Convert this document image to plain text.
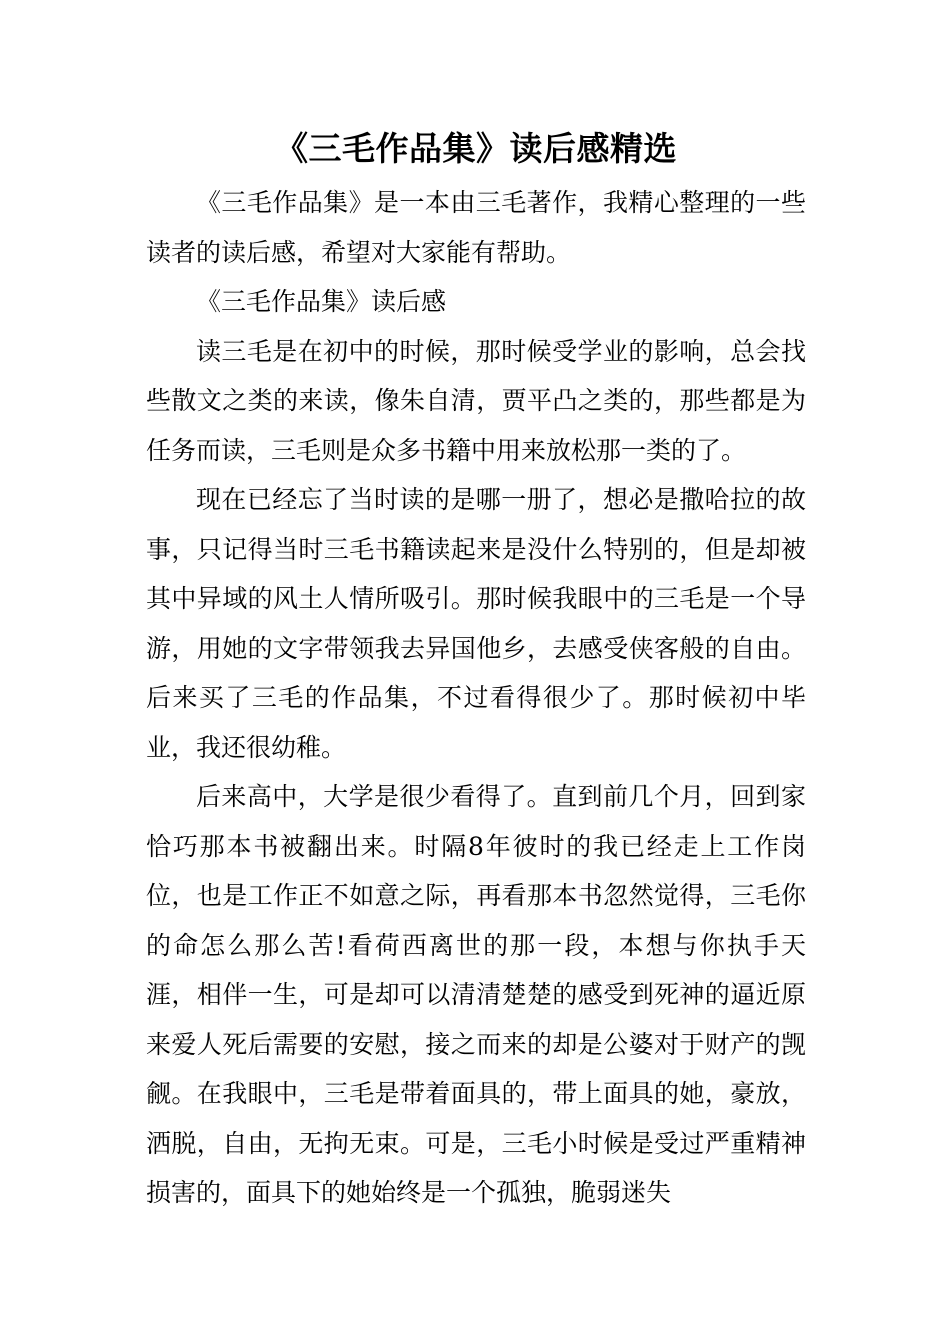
《三毛作品集》读后感精选

《三毛作品集》是一本由三毛著作，我精心整理的一些读者的读后感，希望对大家能有帮助。

《三毛作品集》读后感

读三毛是在初中的时候，那时候受学业的影响，总会找些散文之类的来读，像朱自清，贾平凸之类的，那些都是为任务而读，三毛则是众多书籍中用来放松那一类的了。

现在已经忘了当时读的是哪一册了，想必是撒哈拉的故事，只记得当时三毛书籍读起来是没什么特别的，但是却被其中异域的风土人情所吸引。那时候我眼中的三毛是一个导游，用她的文字带领我去异国他乡，去感受侠客般的自由。后来买了三毛的作品集，不过看得很少了。那时候初中毕业，我还很幼稚。

后来高中，大学是很少看得了。直到前几个月，回到家恰巧那本书被翻出来。时隔8年彼时的我已经走上工作岗位，也是工作正不如意之际，再看那本书忽然觉得，三毛你的命怎么那么苦!看荷西离世的那一段，本想与你执手天涯，相伴一生，可是却可以清清楚楚的感受到死神的逼近原来爱人死后需要的安慰，接之而来的却是公婆对于财产的觊觎。在我眼中，三毛是带着面具的，带上面具的她，豪放，洒脱，自由，无拘无束。可是，三毛小时候是受过严重精神损害的，面具下的她始终是一个孤独，脆弱迷失
